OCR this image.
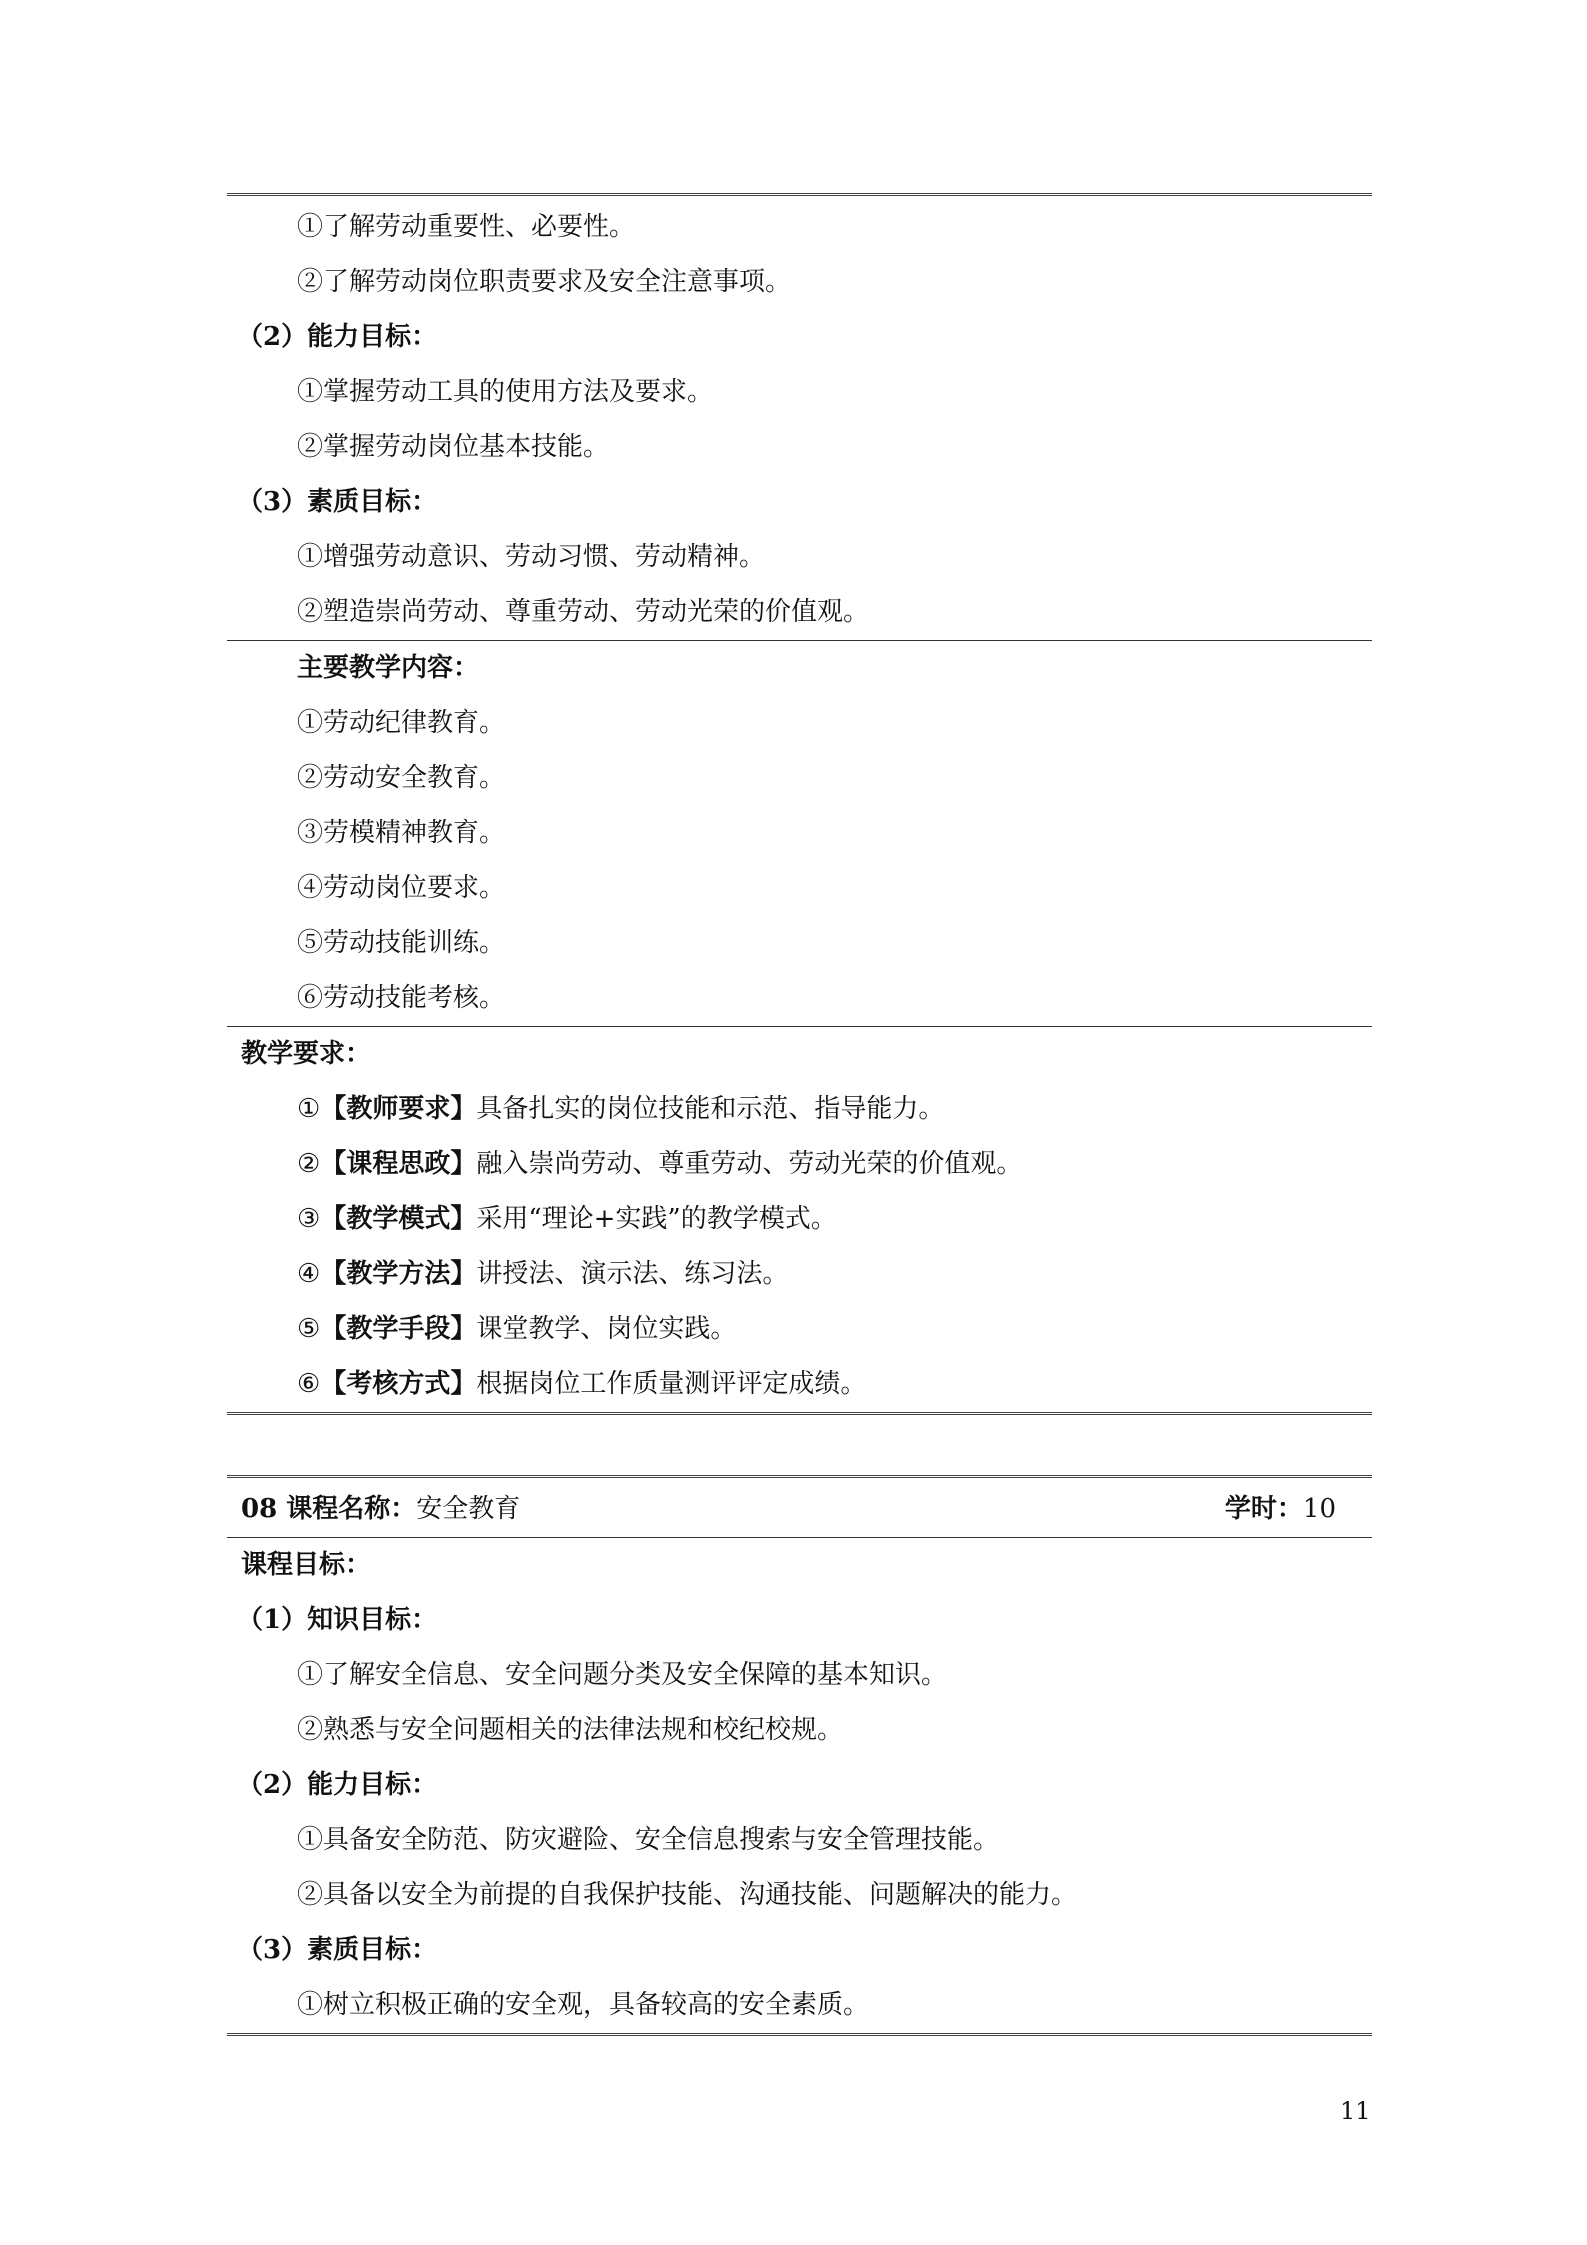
①了解劳动重要性、必要性。
②了解劳动岗位职责要求及安全注意事项。
（2）能力目标：
①掌握劳动工具的使用方法及要求。
②掌握劳动岗位基本技能。
（3）素质目标：
①增强劳动意识、劳动习惯、劳动精神。
②塑造崇尚劳动、尊重劳动、劳动光荣的价值观。
主要教学内容：
①劳动纪律教育。
②劳动安全教育。
③劳模精神教育。
④劳动岗位要求。
⑤劳动技能训练。
⑥劳动技能考核。
教学要求：
①【教师要求】具备扎实的岗位技能和示范、指导能力。
②【课程思政】融入崇尚劳动、尊重劳动、劳动光荣的价值观。
③【教学模式】采用“理论+实践”的教学模式。
④【教学方法】讲授法、演示法、练习法。
⑤【教学手段】课堂教学、岗位实践。
⑥【考核方式】根据岗位工作质量测评评定成绩。
08 课程名称：安全教育	学时：10
课程目标：
（1）知识目标：
①了解安全信息、安全问题分类及安全保障的基本知识。
②熟悉与安全问题相关的法律法规和校纪校规。
（2）能力目标：
①具备安全防范、防灾避险、安全信息搜索与安全管理技能。
②具备以安全为前提的自我保护技能、沟通技能、问题解决的能力。
（3）素质目标：
①树立积极正确的安全观，具备较高的安全素质。
11
